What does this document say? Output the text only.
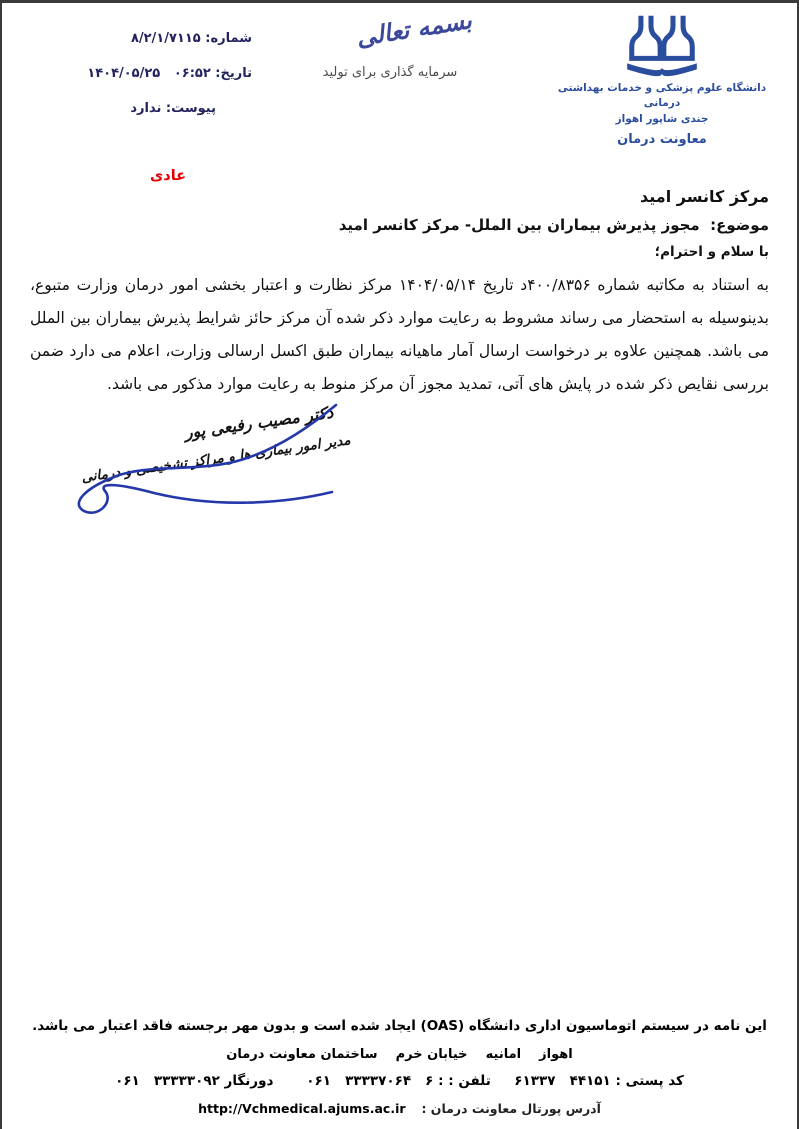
شماره: ۸/۲/۱/۷۱۱۵
تاریخ: ۰۶:۵۲   ۱۴۰۴/۰۵/۲۵
پیوست: ندارد
بسمه تعالی
سرمایه گذاری برای تولید
دانشگاه علوم پزشکی و خدمات بهداشتی درمانی
جندی شاپور اهواز
معاونت درمان
عادی
مرکز کانسر امید
موضوع:  مجوز پذیرش بیماران بین الملل- مرکز کانسر امید
با سلام و احترام؛
به استناد به مکاتبه شماره ۴۰۰/۸۳۵۶د تاریخ ۱۴۰۴/۰۵/۱۴ مرکز نظارت و اعتبار بخشی امور درمان وزارت متبوع، بدینوسیله به استحضار می رساند مشروط به رعایت موارد ذکر شده آن مرکز حائز شرایط پذیرش بیماران بین الملل می باشد. همچنین علاوه بر درخواست ارسال آمار ماهیانه بیماران طبق اکسل ارسالی وزارت، اعلام می دارد ضمن بررسی نقایص ذکر شده در پایش های آتی، تمدید مجوز آن مرکز منوط به رعایت موارد مذکور می باشد.
دکتر مصیب رفیعی پور
مدیر امور بیماری ها و مراکز تشخیصی و درمانی
این نامه در سیستم اتوماسیون اداری دانشگاه (OAS) ایجاد شده است و بدون مهر برجسته فاقد اعتبار می باشد.
اهواز    امانیه    خیابان خرم    ساختمان معاونت درمان
کد پستی : ۴۴۱۵۱   ۶۱۳۳۷     تلفن : : ۶   ۳۳۳۳۷۰۶۴   ۰۶۱       دورنگار ۳۳۳۳۳۰۹۲   ۰۶۱
آدرس پورتال معاونت درمان :    http://Vchmedical.ajums.ac.ir
